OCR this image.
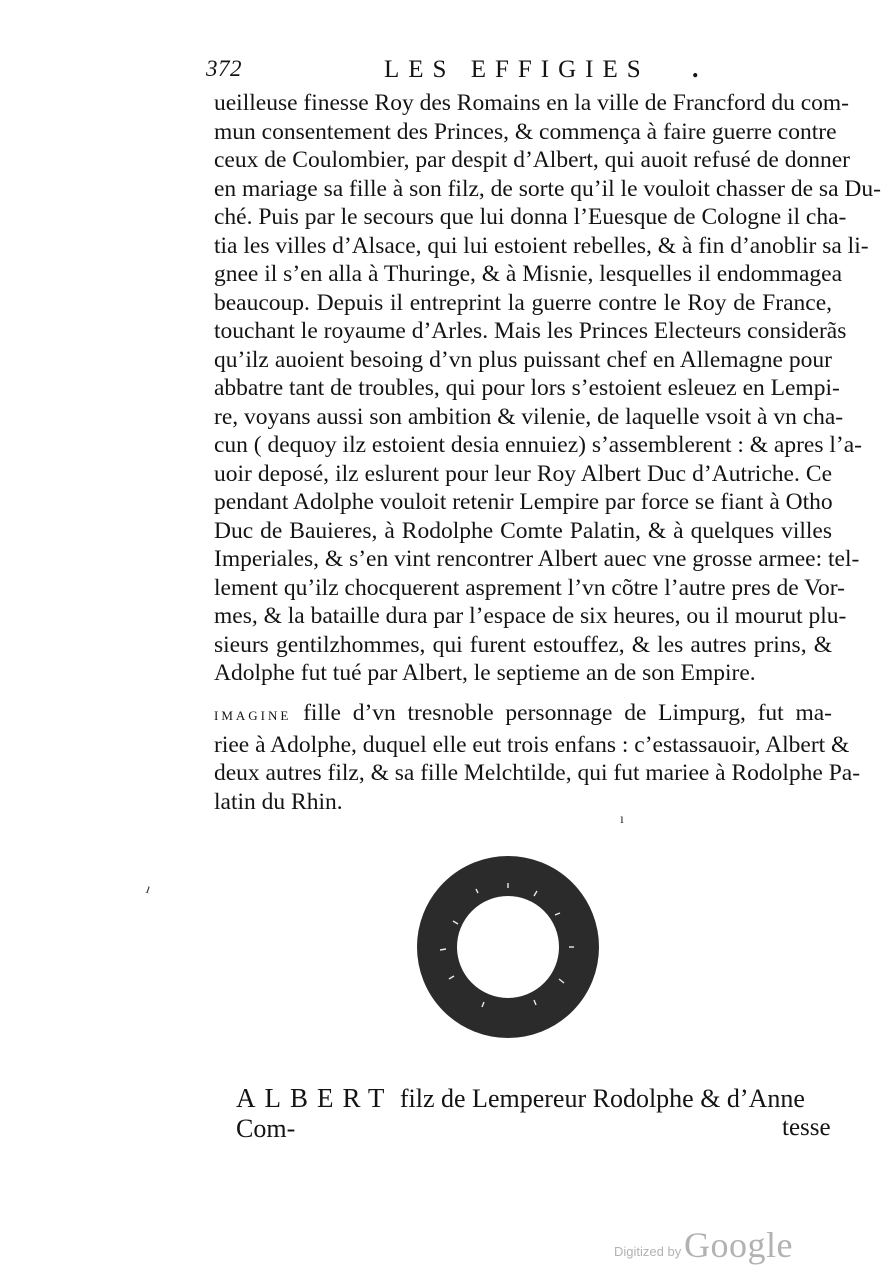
372	LES EFFIGIES .
ueilleuse finesse Roy des Romains en la ville de Francford du com-
mun consentement des Princes, & commença à faire guerre contre
ceux de Coulombier, par despit d’Albert, qui auoit refusé de donner
en mariage sa fille à son filz, de sorte qu’il le vouloit chasser de sa Du-
ché. Puis par le secours que lui donna l’Euesque de Cologne il cha-
tia les villes d’Alsace, qui lui estoient rebelles, & à fin d’anoblir sa li-
gnee il s’en alla à Thuringe, & à Misnie, lesquelles il endommagea
beaucoup. Depuis il entreprint la guerre contre le Roy de France,
touchant le royaume d’Arles. Mais les Princes Electeurs considerãs
qu’ilz auoient besoing d’vn plus puissant chef en Allemagne pour
abbatre tant de troubles, qui pour lors s’estoient esleuez en Lempi-
re, voyans aussi son ambition & vilenie, de laquelle vsoit à vn cha-
cun ( dequoy ilz estoient desia ennuiez) s’assemblerent : & apres l’a-
uoir deposé, ilz eslurent pour leur Roy Albert Duc d’Autriche. Ce
pendant Adolphe vouloit retenir Lempire par force se fiant à Otho
Duc de Bauieres, à Rodolphe Comte Palatin, & à quelques villes
Imperiales, & s’en vint rencontrer Albert auec vne grosse armee: tel-
lement qu’ilz chocquerent asprement l’vn cõtre l’autre pres de Vor-
mes, & la bataille dura par l’espace de six heures, ou il mourut plu-
sieurs gentilzhommes, qui furent estouffez, & les autres prins, &
Adolphe fut tué par Albert, le septieme an de son Empire.
IMAGINE fille d’vn tresnoble personnage de Limpurg, fut ma-
riee à Adolphe, duquel elle eut trois enfans : c’estassauoir, Albert &
deux autres filz, & sa fille Melchtilde, qui fut mariee à Rodolphe Pa-
latin du Rhin.
ALBERT filz de Lempereur Rodolphe & d’Anne Com-	tesse
ı
ı
Digitized by Google
